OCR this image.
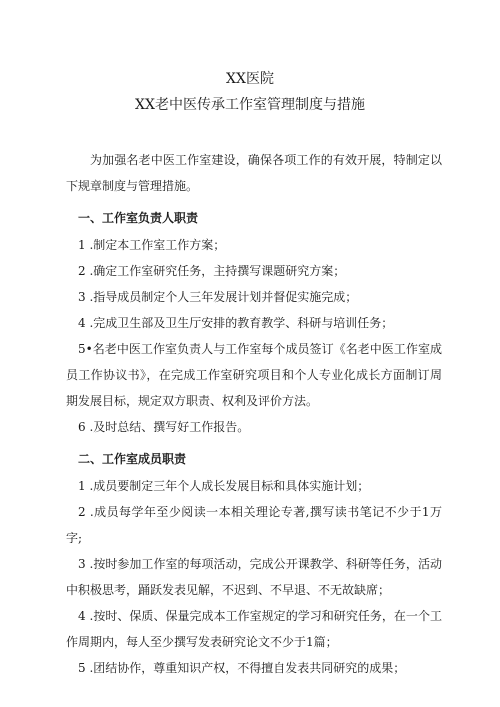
XX医院
XX老中医传承工作室管理制度与措施

为加强名老中医工作室建设，确保各项工作的有效开展，特制定以下规章制度与管理措施。

一、工作室负责人职责
1 .制定本工作室工作方案；
2 .确定工作室研究任务，主持撰写课题研究方案；
3 .指导成员制定个人三年发展计划并督促实施完成；
4 .完成卫生部及卫生厅安排的教育教学、科研与培训任务；
5•名老中医工作室负责人与工作室每个成员签订《名老中医工作室成员工作协议书》，在完成工作室研究项目和个人专业化成长方面制订周期发展目标，规定双方职责、权利及评价方法。
6 .及时总结、撰写好工作报告。
二、工作室成员职责
1 .成员要制定三年个人成长发展目标和具体实施计划；
2 .成员每学年至少阅读一本相关理论专著,撰写读书笔记不少于1万字;
3 .按时参加工作室的每项活动，完成公开课教学、科研等任务，活动中积极思考，踊跃发表见解，不迟到、不早退、不无故缺席；
4 .按时、保质、保量完成本工作室规定的学习和研究任务，在一个工作周期内，每人至少撰写发表研究论文不少于1篇；
5 .团结协作，尊重知识产权，不得擅自发表共同研究的成果；
